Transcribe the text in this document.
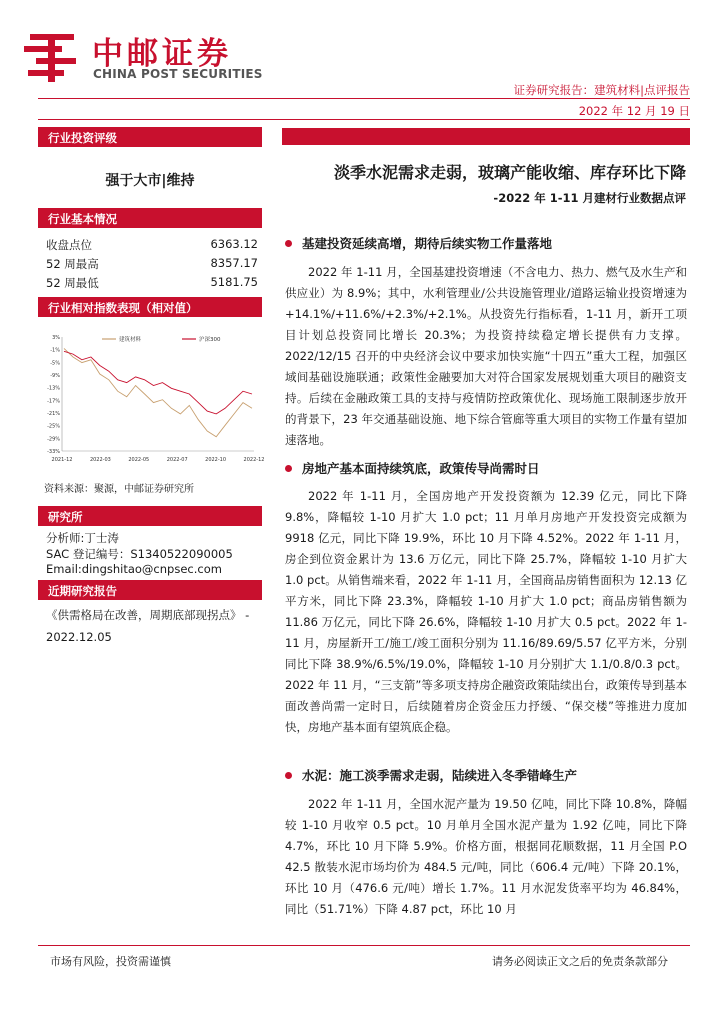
中邮证券
CHINA POST SECURITIES
证券研究报告：建筑材料|点评报告
2022 年 12 月 19 日
行业投资评级
强于大市|维持
行业基本情况
收盘点位	6363.12
52 周最高	8357.17
52 周最低	5181.75
行业相对指数表现（相对值）
3%
-1%
-5%
-9%
-13%
-17%
-21%
-25%
-29%
-33%
2021-12	2022-03	2022-05	2022-07	2022-10	2022-12
建筑材料	沪深300
资料来源：聚源，中邮证券研究所
研究所
分析师:丁士涛
SAC 登记编号：S1340522090005
Email:dingshitao@cnpsec.com
近期研究报告
《供需格局在改善，周期底部现拐点》 - 2022.12.05
淡季水泥需求走弱，玻璃产能收缩、库存环比下降
-2022 年 1-11 月建材行业数据点评
基建投资延续高增，期待后续实物工作量落地
2022 年 1-11 月，全国基建投资增速（不含电力、热力、燃气及水生产和供应业）为 8.9%；其中，水利管理业/公共设施管理业/道路运输业投资增速为+14.1%/+11.6%/+2.3%/+2.1%。从投资先行指标看，1-11 月，新开工项目计划总投资同比增长 20.3%；为投资持续稳定增长提供有力支撑。2022/12/15 召开的中央经济会议中要求加快实施“十四五”重大工程，加强区域间基础设施联通；政策性金融要加大对符合国家发展规划重大项目的融资支持。后续在金融政策工具的支持与疫情防控政策优化、现场施工限制逐步放开的背景下，23 年交通基础设施、地下综合管廊等重大项目的实物工作量有望加速落地。
房地产基本面持续筑底，政策传导尚需时日
2022 年 1-11 月，全国房地产开发投资额为 12.39 亿元，同比下降 9.8%，降幅较 1-10 月扩大 1.0 pct；11 月单月房地产开发投资完成额为 9918 亿元，同比下降 19.9%，环比 10 月下降 4.52%。2022 年 1-11 月，房企到位资金累计为 13.6 万亿元，同比下降 25.7%，降幅较 1-10 月扩大 1.0 pct。从销售端来看，2022 年 1-11 月，全国商品房销售面积为 12.13 亿平方米，同比下降 23.3%，降幅较 1-10 月扩大 1.0 pct；商品房销售额为 11.86 万亿元，同比下降 26.6%，降幅较 1-10 月扩大 0.5 pct。2022 年 1-11 月，房屋新开工/施工/竣工面积分别为 11.16/89.69/5.57 亿平方米，分别同比下降 38.9%/6.5%/19.0%，降幅较 1-10 月分别扩大 1.1/0.8/0.3 pct。2022 年 11 月，“三支箭”等多项支持房企融资政策陆续出台，政策传导到基本面改善尚需一定时日，后续随着房企资金压力抒缓、“保交楼”等推进力度加快，房地产基本面有望筑底企稳。
水泥：施工淡季需求走弱，陆续进入冬季错峰生产
2022 年 1-11 月，全国水泥产量为 19.50 亿吨，同比下降 10.8%，降幅较 1-10 月收窄 0.5 pct。10 月单月全国水泥产量为 1.92 亿吨，同比下降 4.7%，环比 10 月下降 5.9%。价格方面，根据同花顺数据，11 月全国 P.O 42.5 散装水泥市场均价为 484.5 元/吨，同比（606.4 元/吨）下降 20.1%，环比 10 月（476.6 元/吨）增长 1.7%。11 月水泥发货率平均为 46.84%，同比（51.71%）下降 4.87 pct，环比 10 月
市场有风险，投资需谨慎	请务必阅读正文之后的免责条款部分
